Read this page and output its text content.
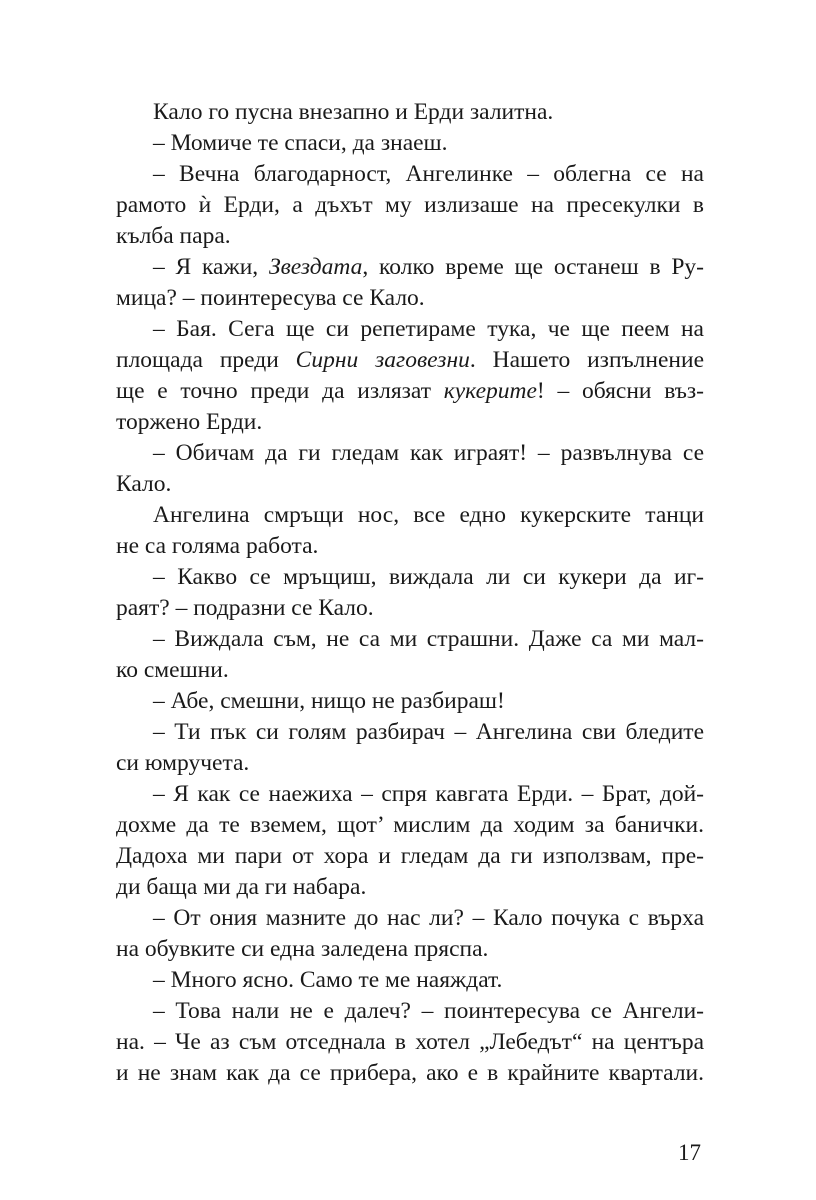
Кало го пусна внезапно и Ерди залитна.
– Момиче те спаси, да знаеш.
– Вечна благодарност, Ангелинке – облегна се на
рамото ѝ Ерди, а дъхът му излизаше на пресекулки в
кълба пара.
– Я кажи, Звездата, колко време ще останеш в Ру-
мица? – поинтересува се Кало.
– Бая. Сега ще си репетираме тука, че ще пеем на
площада преди Сирни заговезни. Нашето изпълнение
ще е точно преди да излязат кукерите! – обясни въз-
торжено Ерди.
– Обичам да ги гледам как играят! – развълнува се
Кало.
Ангелина смръщи нос, все едно кукерските танци
не са голяма работа.
– Какво се мръщиш, виждала ли си кукери да иг-
раят? – подразни се Кало.
– Виждала съм, не са ми страшни. Даже са ми мал-
ко смешни.
– Абе, смешни, нищо не разбираш!
– Ти пък си голям разбирач – Ангелина сви бледите
си юмручета.
– Я как се наежиха – спря кавгата Ерди. – Брат, дой-
дохме да те вземем, щот’ мислим да ходим за банички.
Дадоха ми пари от хора и гледам да ги използвам, пре-
ди баща ми да ги набара.
– От ония мазните до нас ли? – Кало почука с върха
на обувките си една заледена пряспа.
– Много ясно. Само те ме наяждат.
– Това нали не е далеч? – поинтересува се Ангели-
на. – Че аз съм отседнала в хотел „Лебедът“ на центъра
и не знам как да се прибера, ако е в крайните квартали.
17
